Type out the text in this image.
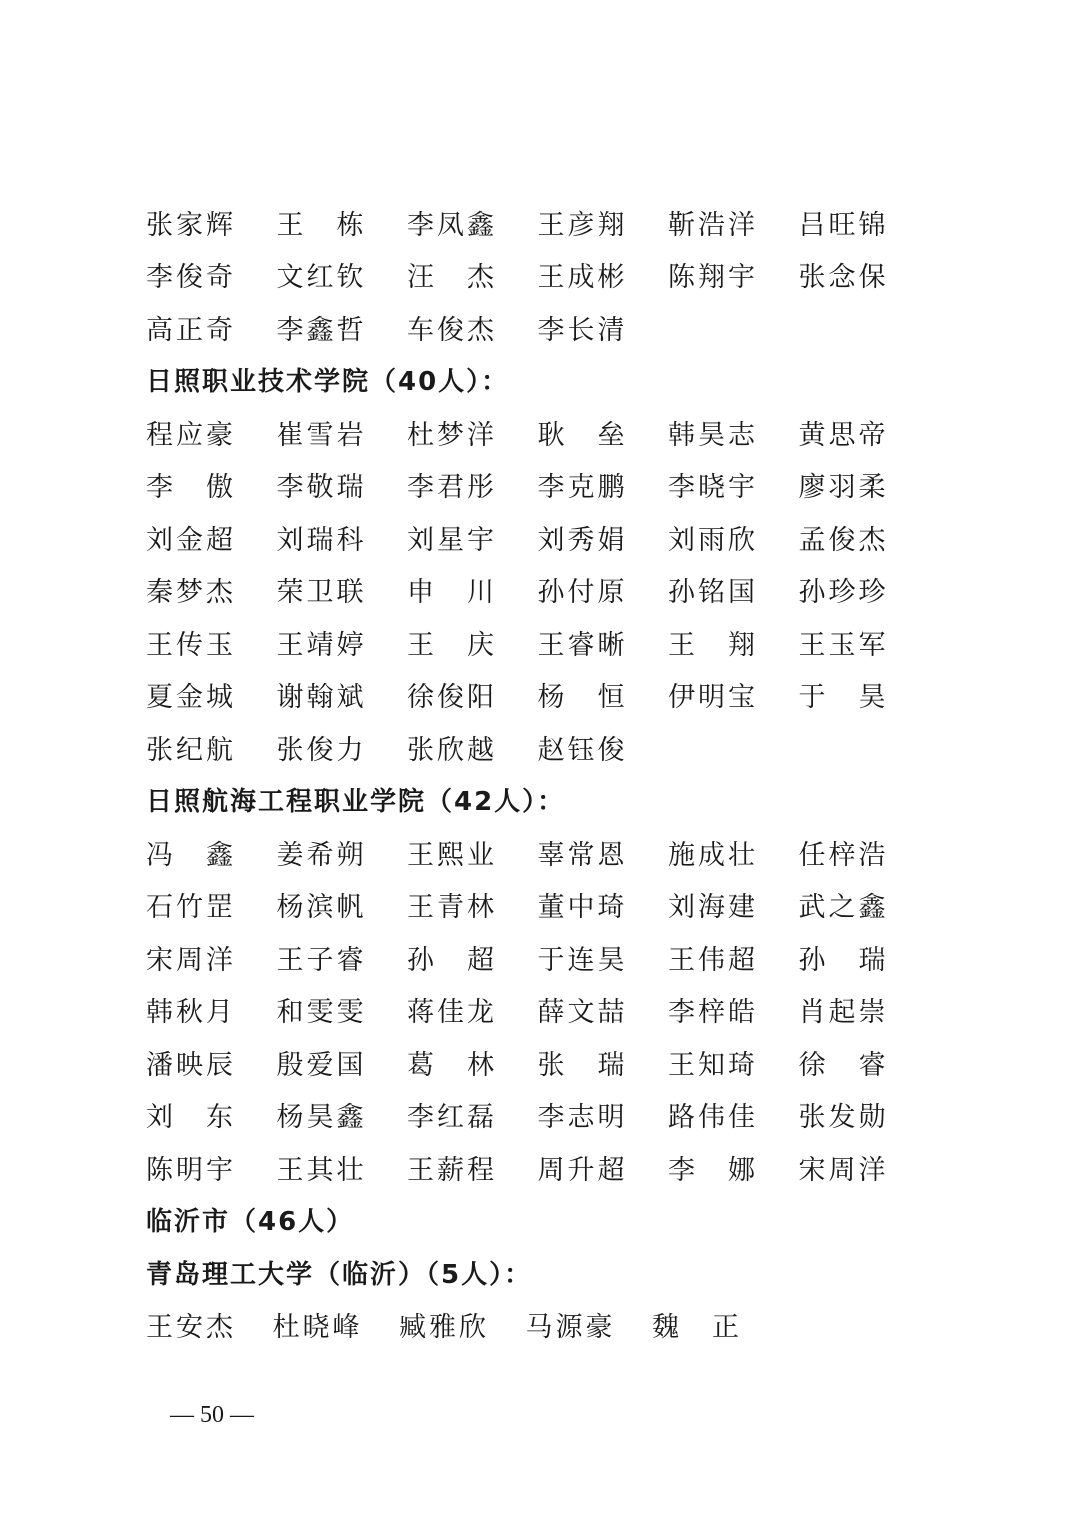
张家辉	王　栋	李凤鑫	王彦翔	靳浩洋	吕旺锦
李俊奇	文红钦	汪　杰	王成彬	陈翔宇	张念保
高正奇	李鑫哲	车俊杰	李长清
日照职业技术学院（40人）：
程应豪	崔雪岩	杜梦洋	耿　垒	韩昊志	黄思帝
李　傲	李敬瑞	李君彤	李克鹏	李晓宇	廖羽柔
刘金超	刘瑞科	刘星宇	刘秀娟	刘雨欣	孟俊杰
秦梦杰	荣卫联	申　川	孙付原	孙铭国	孙珍珍
王传玉	王靖婷	王　庆	王睿晰	王　翔	王玉军
夏金城	谢翰斌	徐俊阳	杨　恒	伊明宝	于　昊
张纪航	张俊力	张欣越	赵钰俊
日照航海工程职业学院（42人）：
冯　鑫	姜希朔	王熙业	辜常恩	施成壮	任梓浩
石竹罡	杨滨帆	王青林	董中琦	刘海建	武之鑫
宋周洋	王子睿	孙　超	于连昊	王伟超	孙　瑞
韩秋月	和雯雯	蒋佳龙	薛文喆	李梓皓	肖起崇
潘映辰	殷爱国	葛　林	张　瑞	王知琦	徐　睿
刘　东	杨昊鑫	李红磊	李志明	路伟佳	张发勋
陈明宇	王其壮	王薪程	周升超	李　娜	宋周洋
临沂市（46人）
青岛理工大学（临沂）（5人）：
王安杰	杜晓峰	臧雅欣	马源豪	魏　正
— 50 —
